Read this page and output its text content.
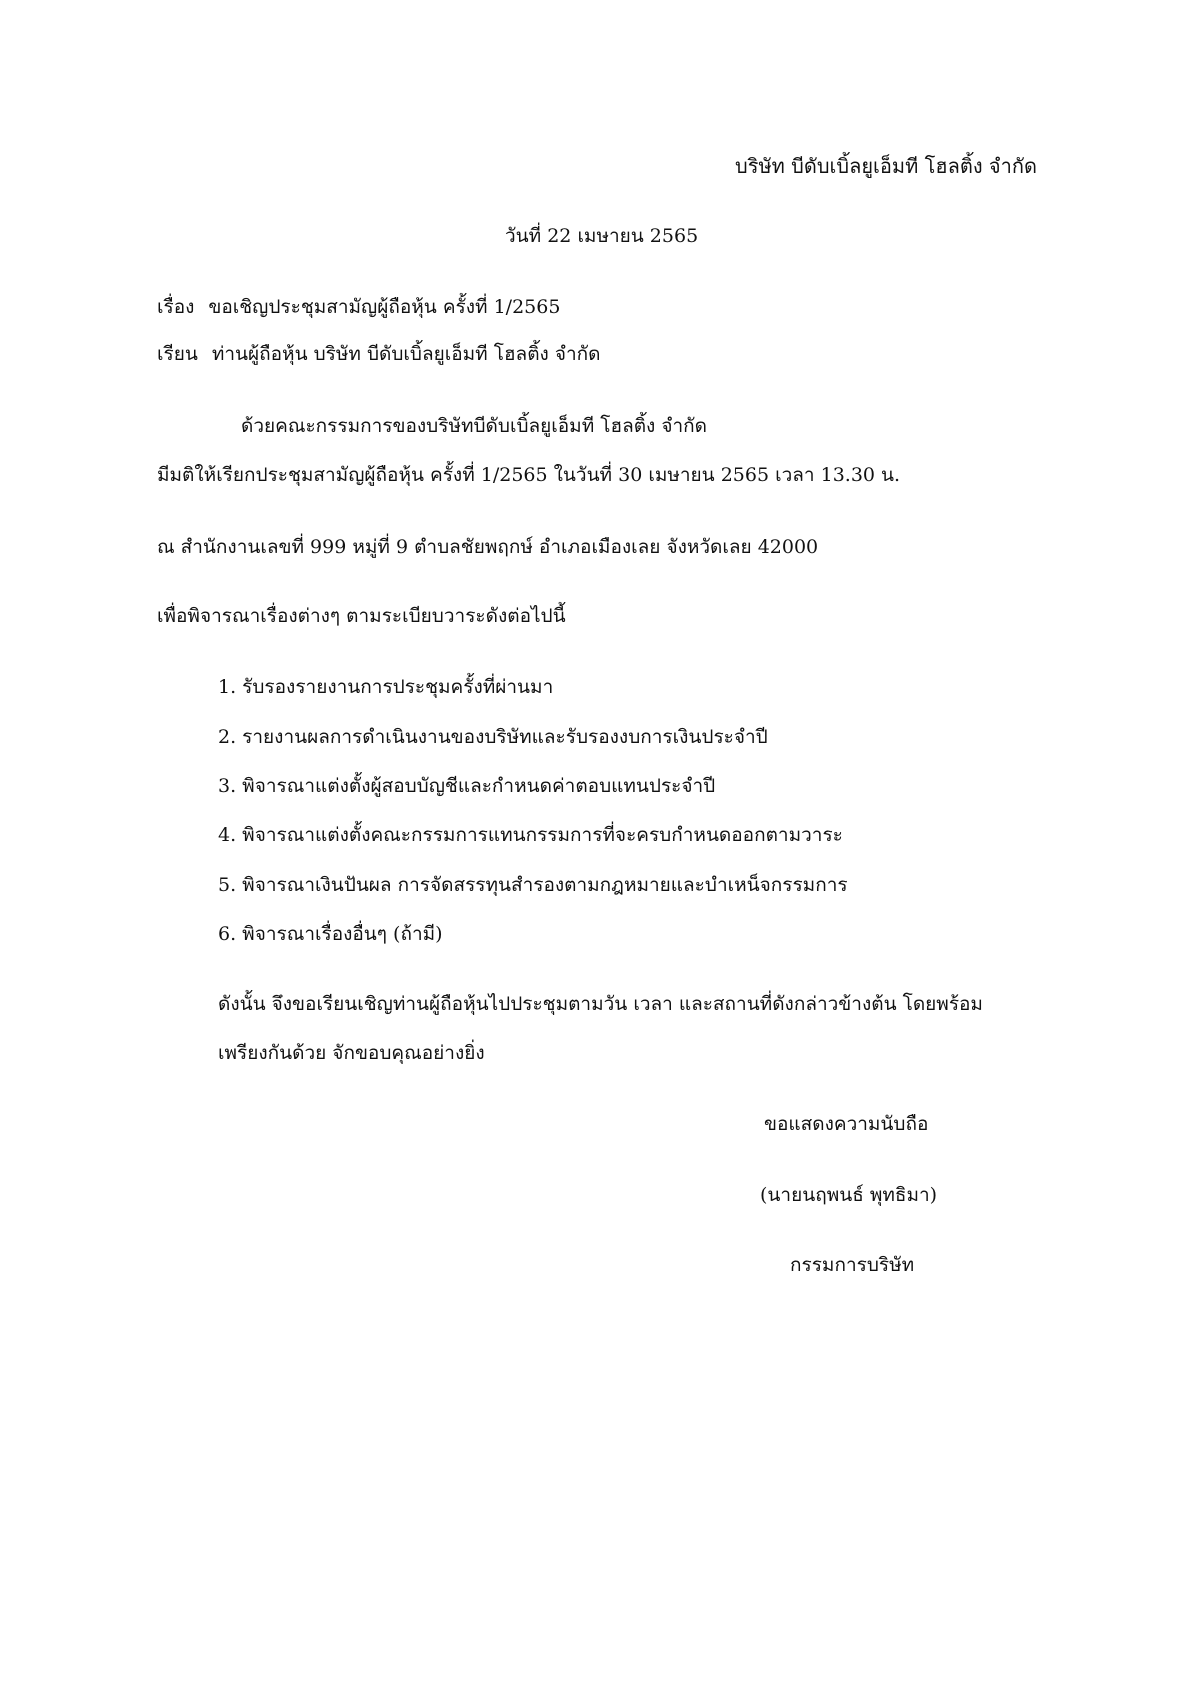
บริษัท บีดับเบิ้ลยูเอ็มที โฮลติ้ง จำกัด
วันที่ 22 เมษายน 2565
เรื่อง ขอเชิญประชุมสามัญผู้ถือหุ้น ครั้งที่ 1/2565
เรียน ท่านผู้ถือหุ้น บริษัท บีดับเบิ้ลยูเอ็มที โฮลติ้ง จำกัด
ด้วยคณะกรรมการของบริษัทบีดับเบิ้ลยูเอ็มที โฮลติ้ง จำกัด
มีมติให้เรียกประชุมสามัญผู้ถือหุ้น ครั้งที่ 1/2565 ในวันที่ 30 เมษายน 2565 เวลา 13.30 น.
ณ สำนักงานเลขที่ 999 หมู่ที่ 9 ตำบลชัยพฤกษ์ อำเภอเมืองเลย จังหวัดเลย 42000
เพื่อพิจารณาเรื่องต่างๆ ตามระเบียบวาระดังต่อไปนี้
1. รับรองรายงานการประชุมครั้งที่ผ่านมา
2. รายงานผลการดำเนินงานของบริษัทและรับรองงบการเงินประจำปี
3. พิจารณาแต่งตั้งผู้สอบบัญชีและกำหนดค่าตอบแทนประจำปี
4. พิจารณาแต่งตั้งคณะกรรมการแทนกรรมการที่จะครบกำหนดออกตามวาระ
5. พิจารณาเงินปันผล การจัดสรรทุนสำรองตามกฎหมายและบำเหน็จกรรมการ
6. พิจารณาเรื่องอื่นๆ (ถ้ามี)
ดังนั้น จึงขอเรียนเชิญท่านผู้ถือหุ้นไปประชุมตามวัน เวลา และสถานที่ดังกล่าวข้างต้น โดยพร้อม
เพรียงกันด้วย จักขอบคุณอย่างยิ่ง
ขอแสดงความนับถือ
(นายนฤพนธ์ พุทธิมา)
กรรมการบริษัท
